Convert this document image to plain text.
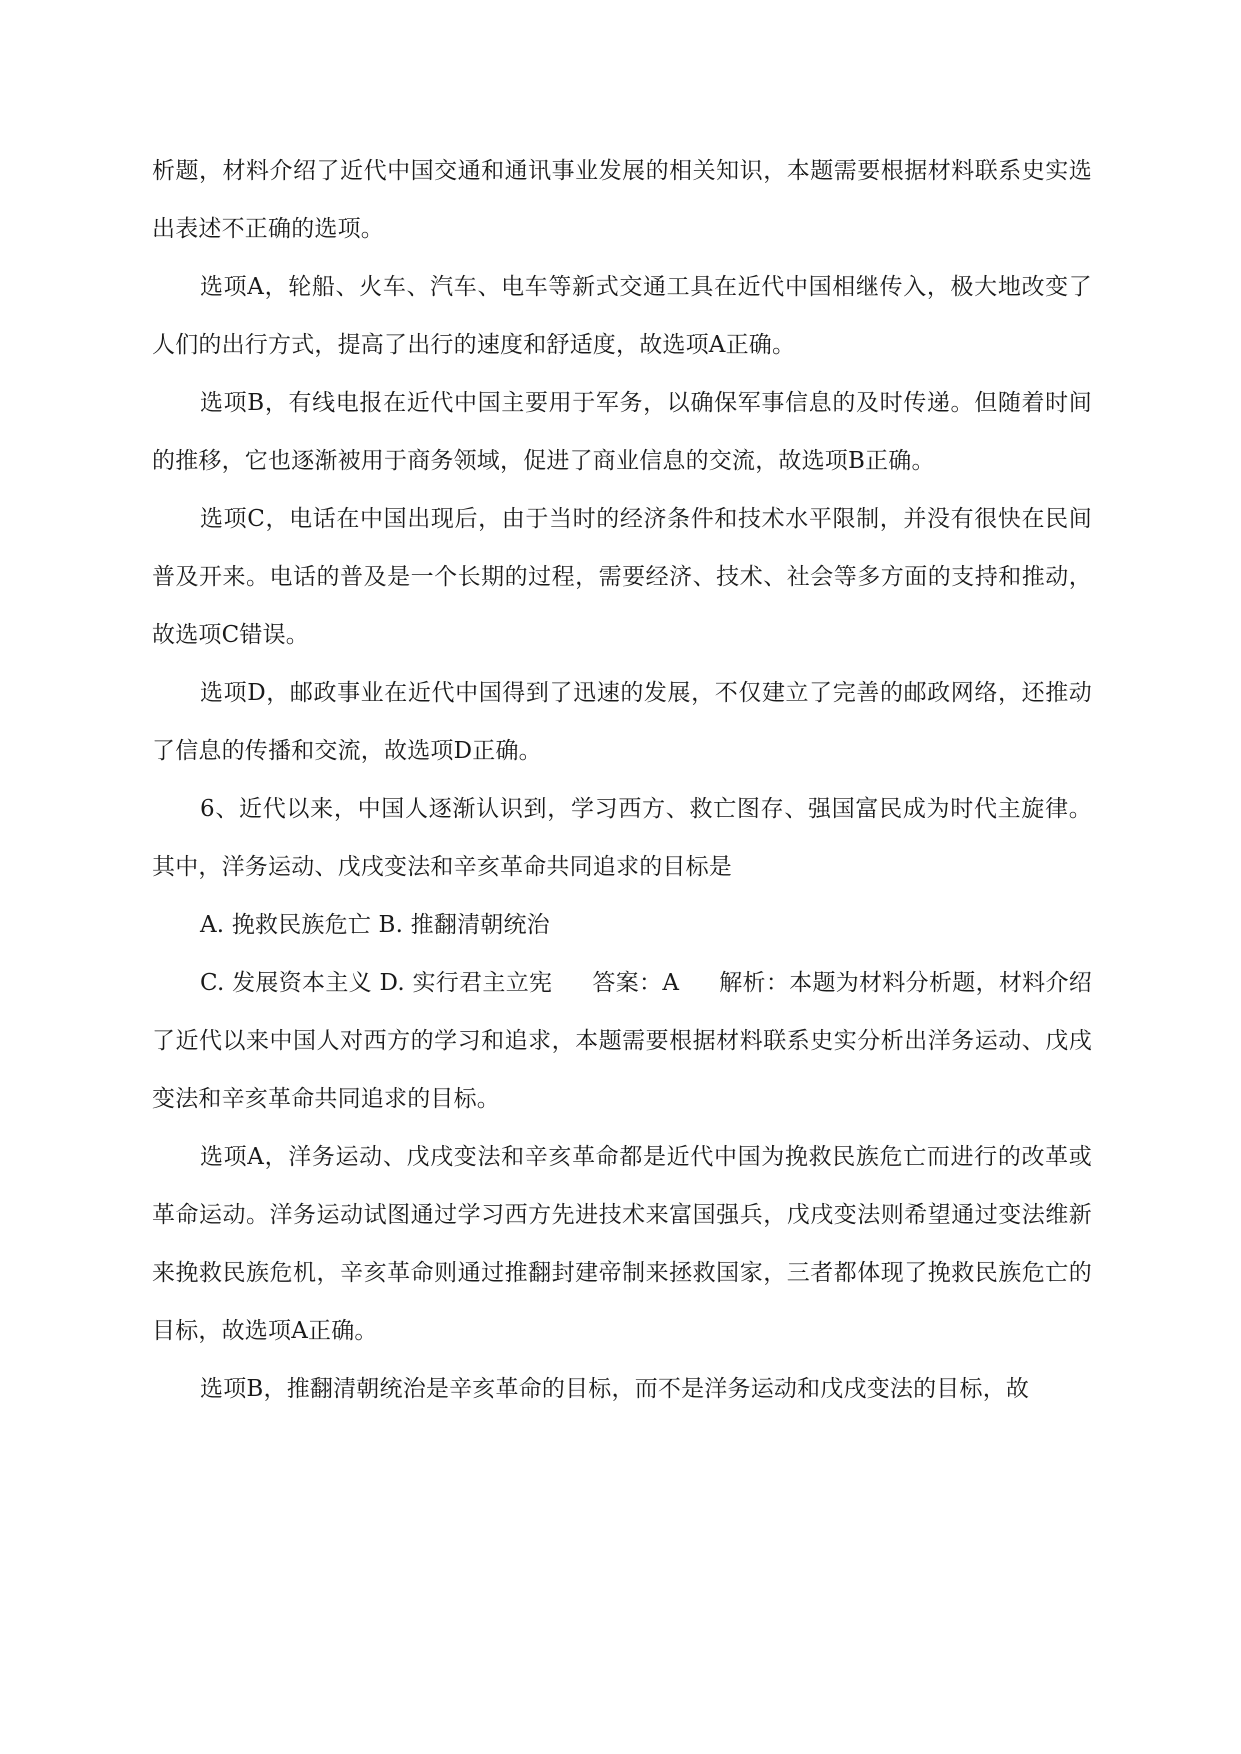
析题，材料介绍了近代中国交通和通讯事业发展的相关知识，本题需要根据材料联系史实选出表述不正确的选项。

选项A，轮船、火车、汽车、电车等新式交通工具在近代中国相继传入，极大地改变了人们的出行方式，提高了出行的速度和舒适度，故选项A正确。

选项B，有线电报在近代中国主要用于军务，以确保军事信息的及时传递。但随着时间的推移，它也逐渐被用于商务领域，促进了商业信息的交流，故选项B正确。

选项C，电话在中国出现后，由于当时的经济条件和技术水平限制，并没有很快在民间普及开来。电话的普及是一个长期的过程，需要经济、技术、社会等多方面的支持和推动，故选项C错误。

选项D，邮政事业在近代中国得到了迅速的发展，不仅建立了完善的邮政网络，还推动了信息的传播和交流，故选项D正确。

6、近代以来，中国人逐渐认识到，学习西方、救亡图存、强国富民成为时代主旋律。其中，洋务运动、戊戌变法和辛亥革命共同追求的目标是

A. 挽救民族危亡 B. 推翻清朝统治

C. 发展资本主义 D. 实行君主立宪 答案：A 解析：本题为材料分析题，材料介绍了近代以来中国人对西方的学习和追求，本题需要根据材料联系史实分析出洋务运动、戊戌变法和辛亥革命共同追求的目标。

选项A，洋务运动、戊戌变法和辛亥革命都是近代中国为挽救民族危亡而进行的改革或革命运动。洋务运动试图通过学习西方先进技术来富国强兵，戊戌变法则希望通过变法维新来挽救民族危机，辛亥革命则通过推翻封建帝制来拯救国家，三者都体现了挽救民族危亡的目标，故选项A正确。

选项B，推翻清朝统治是辛亥革命的目标，而不是洋务运动和戊戌变法的目标，故
